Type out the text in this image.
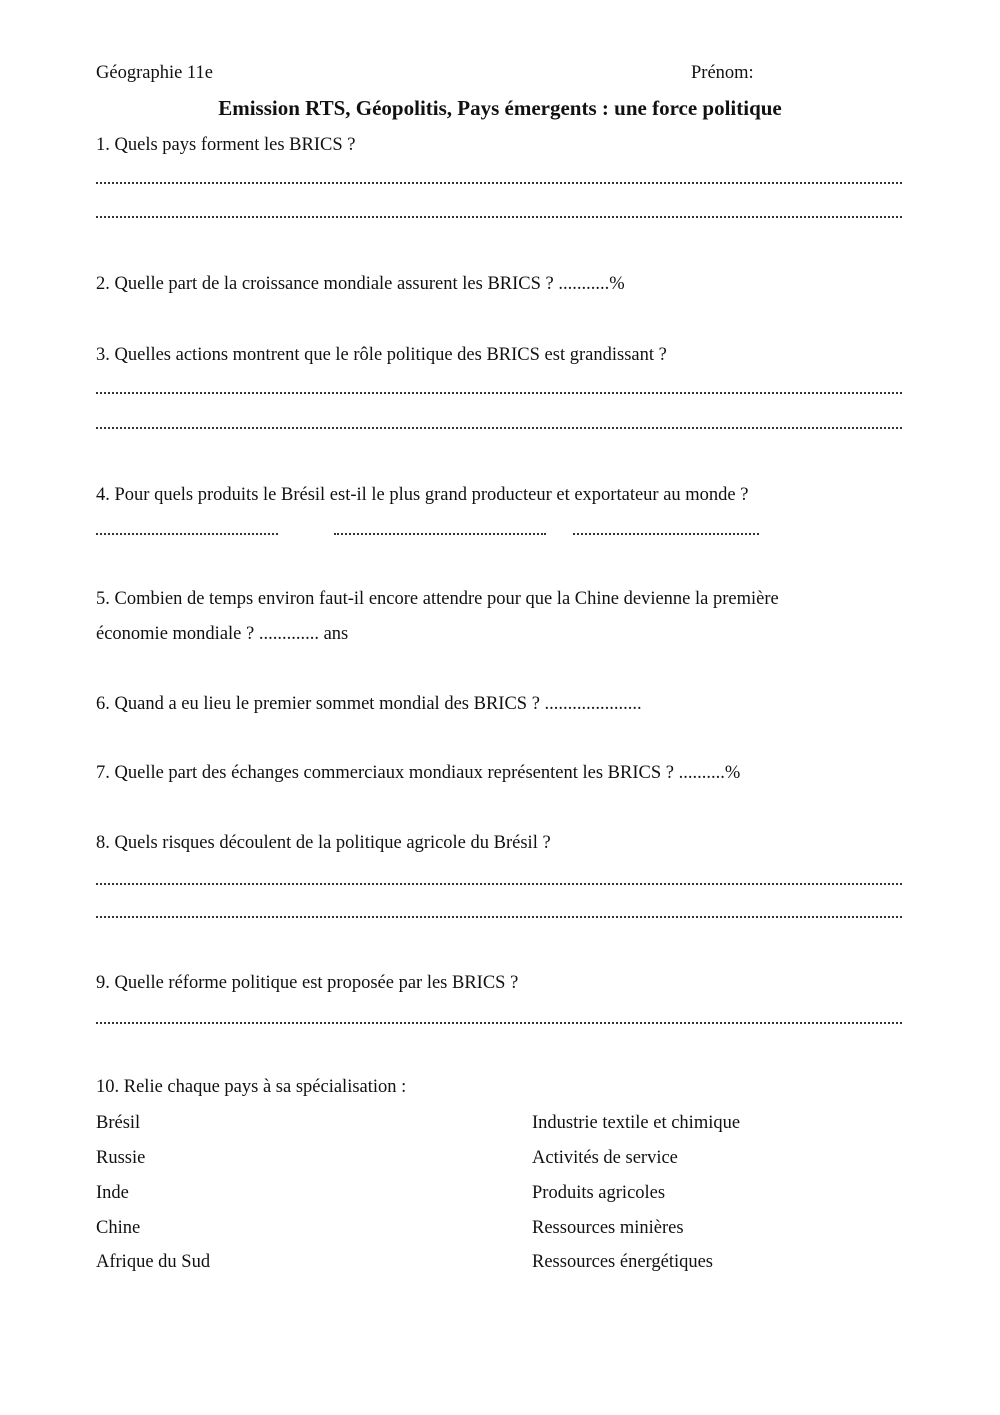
Géographie 11e	Prénom:
Emission RTS, Géopolitis, Pays émergents : une force politique
1. Quels pays forment les BRICS ?
2. Quelle part de la croissance mondiale assurent les BRICS ? ...........%
3. Quelles actions montrent que le rôle politique des BRICS est grandissant ?
4. Pour quels produits le Brésil est-il le plus grand producteur et exportateur au monde ?
5. Combien de temps environ faut-il encore attendre pour que la Chine devienne la première
économie mondiale ? ............. ans
6. Quand a eu lieu le premier sommet mondial des BRICS ? .....................
7. Quelle part des échanges commerciaux mondiaux représentent les BRICS ? ..........%
8. Quels risques découlent de la politique agricole du Brésil ?
9. Quelle réforme politique est proposée par les BRICS ?
10. Relie chaque pays à sa spécialisation :
Brésil
Russie
Inde
Chine
Afrique du Sud
Industrie textile et chimique
Activités de service
Produits agricoles
Ressources minières
Ressources énergétiques
